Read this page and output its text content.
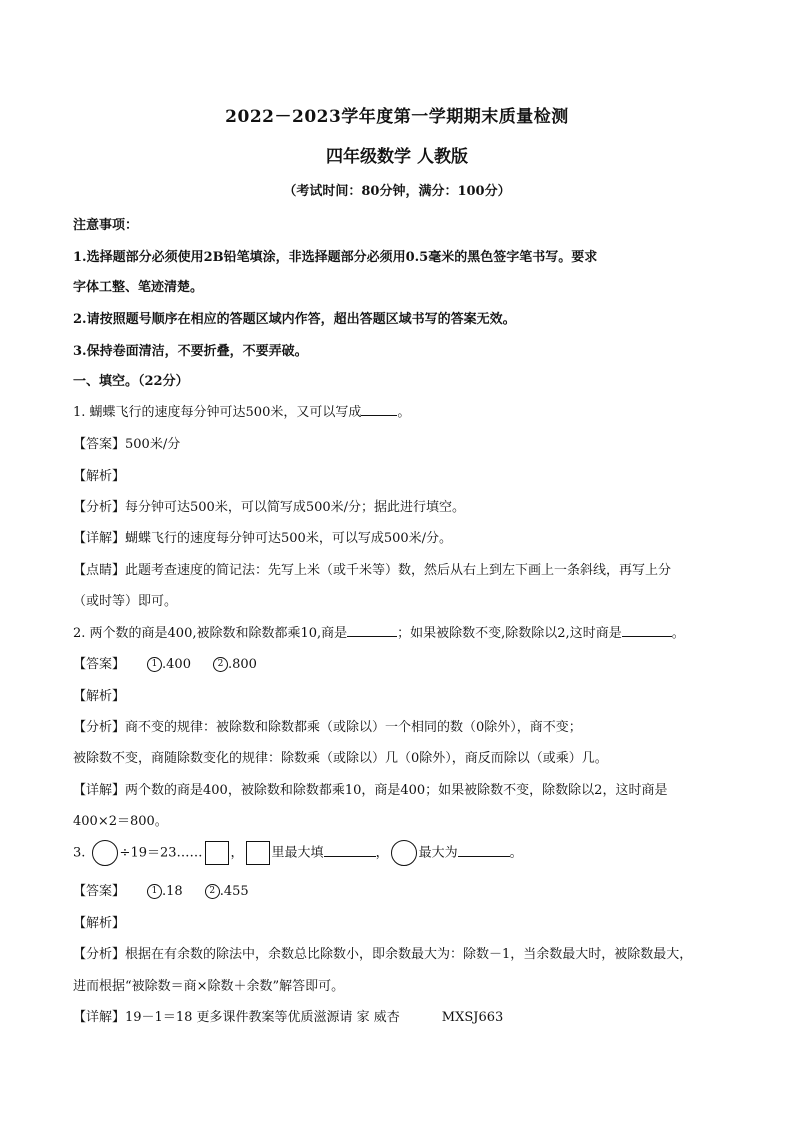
2022－2023学年度第一学期期末质量检测
四年级数学 人教版
（考试时间：80分钟，满分：100分）
注意事项：
1.选择题部分必须使用2B铅笔填涂，非选择题部分必须用0.5毫米的黑色签字笔书写。要求
字体工整、笔迹清楚。
2.请按照题号顺序在相应的答题区域内作答，超出答题区域书写的答案无效。
3.保持卷面清洁，不要折叠，不要弄破。
一、填空。（22分）
1. 蝴蝶飞行的速度每分钟可达500米，又可以写成	。
【答案】500米/分
【解析】
【分析】每分钟可达500米，可以简写成500米/分；据此进行填空。
【详解】蝴蝶飞行的速度每分钟可达500米，可以写成500米/分。
【点睛】此题考查速度的简记法：先写上米（或千米等）数，然后从右上到左下画上一条斜线，再写上分
（或时等）即可。
2. 两个数的商是400,被除数和除数都乘10,商是	；如果被除数不变,除数除以2,这时商是	。
【答案】	1 .400	2 .800
【解析】
【分析】商不变的规律：被除数和除数都乘（或除以）一个相同的数（0除外），商不变；
被除数不变，商随除数变化的规律：除数乘（或除以）几（0除外），商反而除以（或乘）几。
【详解】两个数的商是400，被除数和除数都乘10，商是400；如果被除数不变，除数除以2，这时商是
400×2＝800。
3.	÷19＝23…… ， 里最大填	， 最大为	。
【答案】	1 .18	2 .455
【解析】
【分析】根据在有余数的除法中，余数总比除数小，即余数最大为：除数－1，当余数最大时，被除数最大，
进而根据“被除数＝商×除数＋余数”解答即可。
【详解】19－1＝18 更多课件教案等优质滋源请 家 威杏	MXSJ663
